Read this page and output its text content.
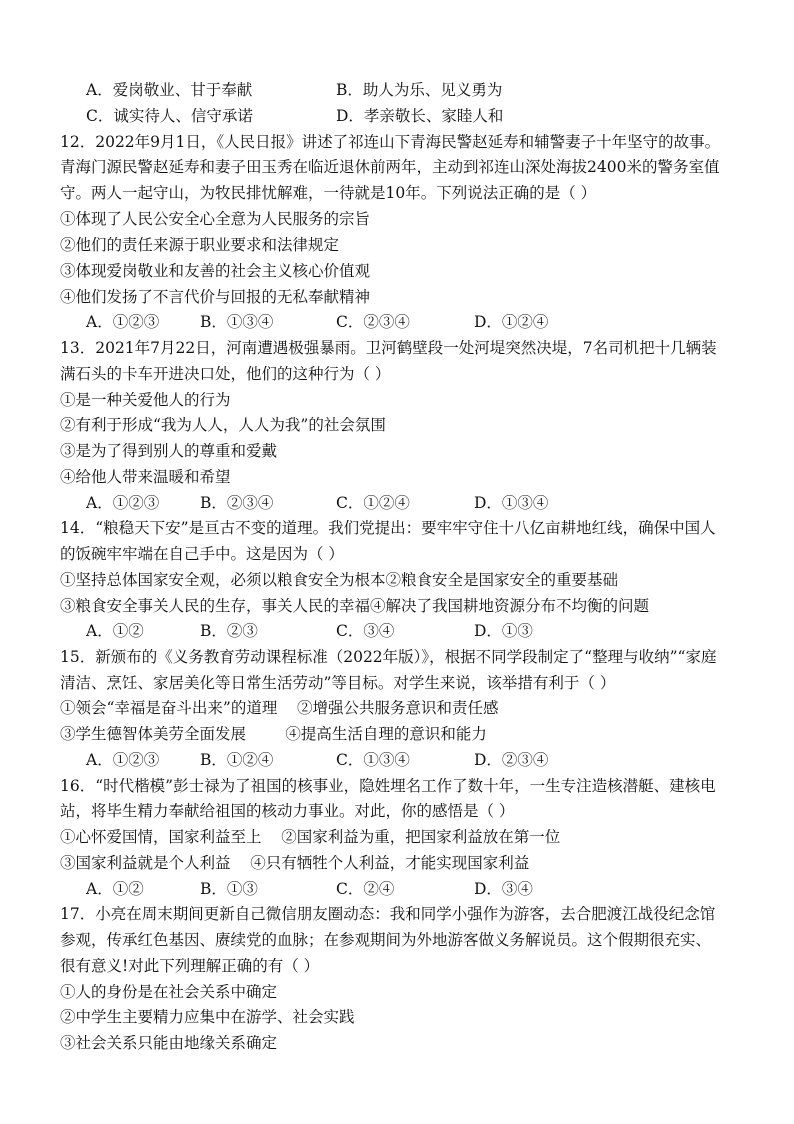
A．爱岗敬业、甘于奉献	B．助人为乐、见义勇为
C．诚实待人、信守承诺	D．孝亲敬长、家睦人和
12．2022年9月1日，《人民日报》讲述了祁连山下青海民警赵延寿和辅警妻子十年坚守的故事。
青海门源民警赵延寿和妻子田玉秀在临近退休前两年，主动到祁连山深处海拔2400米的警务室值
守。两人一起守山，为牧民排忧解难，一待就是10年。下列说法正确的是（ ）
①体现了人民公安全心全意为人民服务的宗旨
②他们的责任来源于职业要求和法律规定
③体现爱岗敬业和友善的社会主义核心价值观
④他们发扬了不言代价与回报的无私奉献精神
A．①②③	B．①③④	C．②③④	D．①②④
13．2021年7月22日，河南遭遇极强暴雨。卫河鹤壁段一处河堤突然决堤，7名司机把十几辆装
满石头的卡车开进决口处，他们的这种行为（ ）
①是一种关爱他人的行为
②有利于形成“我为人人，人人为我”的社会氛围
③是为了得到别人的尊重和爱戴
④给他人带来温暖和希望
A．①②③	B．②③④	C．①②④	D．①③④
14．“粮稳天下安”是亘古不变的道理。我们党提出：要牢牢守住十八亿亩耕地红线，确保中国人
的饭碗牢牢端在自己手中。这是因为（ ）
①坚持总体国家安全观，必须以粮食安全为根本②粮食安全是国家安全的重要基础
③粮食安全事关人民的生存，事关人民的幸福④解决了我国耕地资源分布不均衡的问题
A．①②	B．②③	C．③④	D．①③
15．新颁布的《义务教育劳动课程标准（2022年版）》，根据不同学段制定了“整理与收纳”“家庭
清洁、烹饪、家居美化等日常生活劳动”等目标。对学生来说，该举措有利于（ ）
①领会“幸福是奋斗出来”的道理    ②增强公共服务意识和责任感
③学生德智体美劳全面发展        ④提高生活自理的意识和能力
A．①②③	B．①②④	C．①③④	D．②③④
16．“时代楷模”彭士禄为了祖国的核事业，隐姓埋名工作了数十年，一生专注造核潜艇、建核电
站，将毕生精力奉献给祖国的核动力事业。对此，你的感悟是（ ）
①心怀爱国情，国家利益至上    ②国家利益为重，把国家利益放在第一位
③国家利益就是个人利益    ④只有牺牲个人利益，才能实现国家利益
A．①②	B．①③	C．②④	D．③④
17．小亮在周末期间更新自己微信朋友圈动态：我和同学小强作为游客，去合肥渡江战役纪念馆
参观，传承红色基因、赓续党的血脉；在参观期间为外地游客做义务解说员。这个假期很充实、
很有意义!对此下列理解正确的有（ ）
①人的身份是在社会关系中确定
②中学生主要精力应集中在游学、社会实践
③社会关系只能由地缘关系确定
